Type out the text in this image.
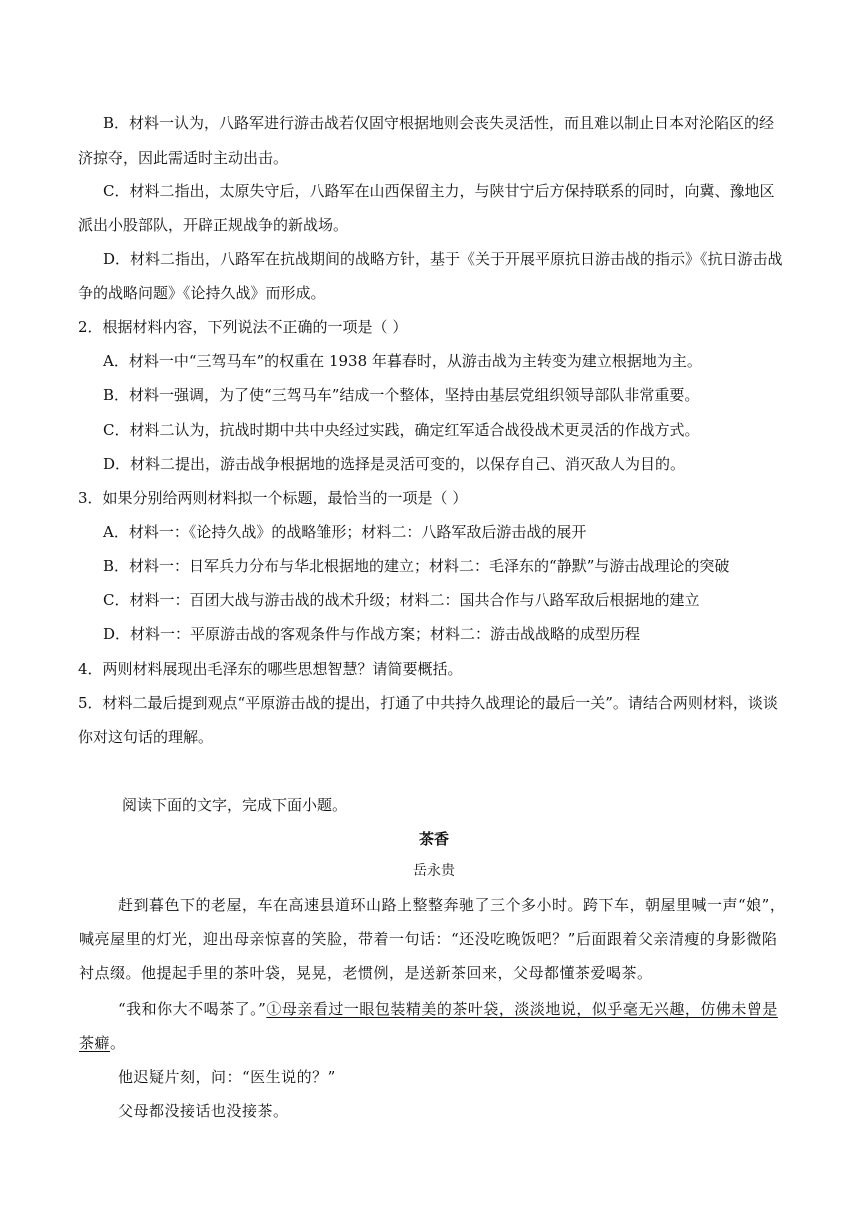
B．材料一认为，八路军进行游击战若仅固守根据地则会丧失灵活性，而且难以制止日本对沦陷区的经
济掠夺，因此需适时主动出击。
C．材料二指出，太原失守后，八路军在山西保留主力，与陕甘宁后方保持联系的同时，向冀、豫地区
派出小股部队，开辟正规战争的新战场。
D．材料二指出，八路军在抗战期间的战略方针，基于《关于开展平原抗日游击战的指示》《抗日游击战
争的战略问题》《论持久战》而形成。
2．根据材料内容，下列说法不正确的一项是（ ）
A．材料一中“三驾马车”的权重在 1938 年暮春时，从游击战为主转变为建立根据地为主。
B．材料一强调，为了使“三驾马车”结成一个整体，坚持由基层党组织领导部队非常重要。
C．材料二认为，抗战时期中共中央经过实践，确定红军适合战役战术更灵活的作战方式。
D．材料二提出，游击战争根据地的选择是灵活可变的，以保存自己、消灭敌人为目的。
3．如果分别给两则材料拟一个标题，最恰当的一项是（ ）
A．材料一：《论持久战》的战略雏形；材料二：八路军敌后游击战的展开
B．材料一：日军兵力分布与华北根据地的建立；材料二：毛泽东的“静默”与游击战理论的突破
C．材料一：百团大战与游击战的战术升级；材料二：国共合作与八路军敌后根据地的建立
D．材料一：平原游击战的客观条件与作战方案；材料二：游击战战略的成型历程
4．两则材料展现出毛泽东的哪些思想智慧？请简要概括。
5．材料二最后提到观点“平原游击战的提出，打通了中共持久战理论的最后一关”。请结合两则材料，谈谈
你对这句话的理解。
阅读下面的文字，完成下面小题。
茶香
岳永贵
赶到暮色下的老屋，车在高速县道环山路上整整奔驰了三个多小时。跨下车，朝屋里喊一声“娘”，
喊亮屋里的灯光，迎出母亲惊喜的笑脸，带着一句话：“还没吃晚饭吧？”后面跟着父亲清瘦的身影微陷
衬点缀。他提起手里的茶叶袋，晃晃，老惯例，是送新茶回来，父母都懂茶爱喝茶。
“我和你大不喝茶了。”①母亲看过一眼包装精美的茶叶袋，淡淡地说，似乎毫无兴趣，仿佛未曾是
茶癖。
他迟疑片刻，问：“医生说的？”
父母都没接话也没接茶。
